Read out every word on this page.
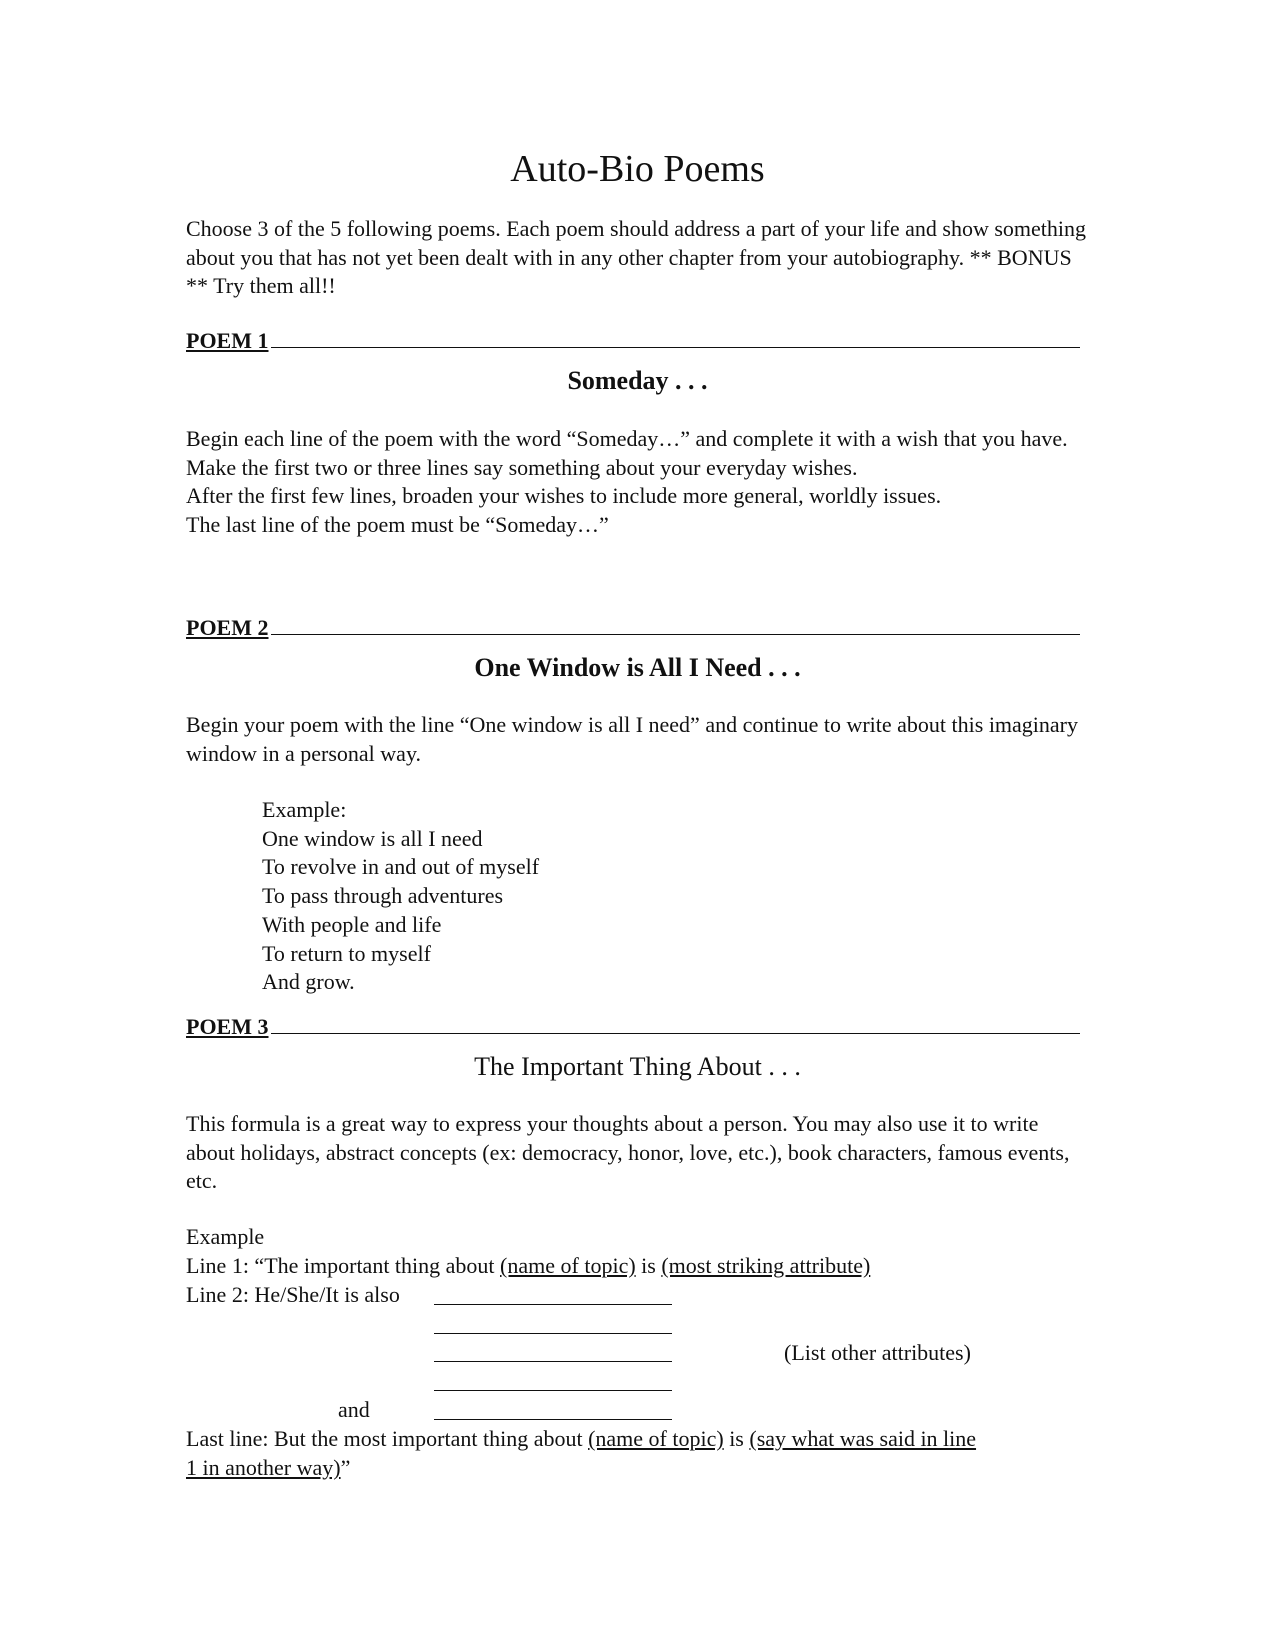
Auto-Bio Poems
Choose 3 of the 5 following poems. Each poem should address a part of your life and show something about you that has not yet been dealt with in any other chapter from your autobiography. ** BONUS ** Try them all!!
POEM 1
Someday . . .

Begin each line of the poem with the word “Someday…” and complete it with a wish that you have.

Make the first two or three lines say something about your everyday wishes.

After the first few lines, broaden your wishes to include more general, worldly issues.

The last line of the poem must be “Someday…”

POEM 2
One Window is All I Need . . .
Begin your poem with the line “One window is all I need” and continue to write about this imaginary window in a personal way.
Example:
One window is all I need
To revolve in and out of myself
To pass through adventures
With people and life
To return to myself
And grow.
POEM 3
The Important Thing About . . .
This formula is a great way to express your thoughts about a person. You may also use it to write about holidays, abstract concepts (ex: democracy, honor, love, etc.), book characters, famous events, etc.
Example
Line 1: “The important thing about (name of topic) is (most striking attribute)
Line 2: He/She/It is also
(List other attributes)
and
Last line: But the most important thing about (name of topic) is (say what was said in line
1 in another way)”
